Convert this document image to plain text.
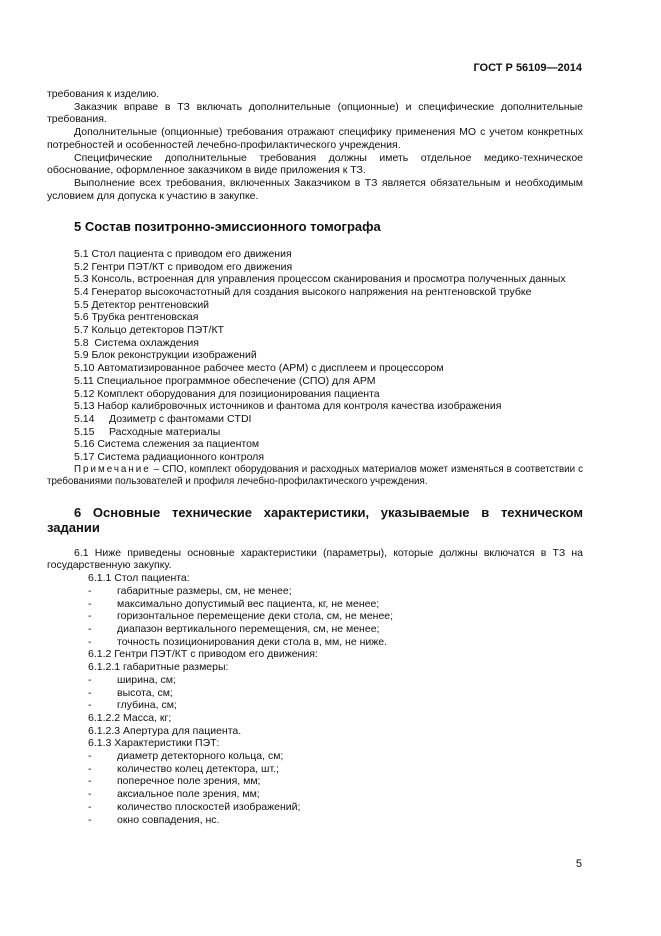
ГОСТ Р 56109—2014

требования к изделию.

Заказчик вправе в ТЗ включать дополнительные (опционные) и специфические дополнительные требования.

Дополнительные (опционные) требования отражают специфику применения МО с учетом конкретных потребностей и особенностей лечебно-профилактического учреждения.

Специфические дополнительные требования должны иметь отдельное медико-техническое обоснование, оформленное заказчиком в виде приложения к ТЗ.

Выполнение всех требования, включенных Заказчиком в ТЗ является обязательным и необходимым условием для допуска к участию в закупке.

5 Состав позитронно-эмиссионного томографа

5.1 Стол пациента с приводом его движения

5.2 Гентри ПЭТ/КТ с приводом его движения

5.3 Консоль, встроенная для управления процессом сканирования и просмотра полученных данных

5.4 Генератор высокочастотный для создания высокого напряжения на рентгеновской трубке

5.5 Детектор рентгеновский

5.6 Трубка рентгеновская

5.7 Кольцо детекторов ПЭТ/КТ

5.8  Система охлаждения

5.9 Блок реконструкции изображений

5.10 Автоматизированное рабочее место (АРМ) с дисплеем и процессором

5.11 Специальное программное обеспечение (СПО) для АРМ

5.12 Комплект оборудования для позиционирования пациента

5.13 Набор калибровочных источников и фантома для контроля качества изображения

5.14     Дозиметр с фантомами CTDI

5.15     Расходные материалы

5.16 Система слежения за пациентом

5.17 Система радиационного контроля

Примечание – СПО, комплект оборудования и расходных материалов может изменяться в соответствии с требованиями пользователей и профиля лечебно-профилактического учреждения.

6 Основные технические характеристики, указываемые в техническом задании

6.1 Ниже приведены основные характеристики (параметры), которые должны включатся в ТЗ на государственную закупку.

6.1.1 Стол пациента:

- габаритные размеры, см, не менее;

- максимально допустимый вес пациента, кг, не менее;

- горизонтальное перемещение деки стола, см, не менее;

- диапазон вертикального перемещения, см, не менее;

- точность позиционирования деки стола в, мм, не ниже.

6.1.2 Гентри ПЭТ/КТ с приводом его движения:

6.1.2.1 габаритные размеры:

- ширина, см;

- высота, см;

- глубина, см;

6.1.2.2 Масса, кг;

6.1.2.3 Апертура для пациента.

6.1.3 Характеристики ПЭТ:

- диаметр детекторного кольца, см;

- количество колец детектора, шт.;

- поперечное поле зрения, мм;

- аксиальное поле зрения, мм;

- количество плоскостей изображений;

- окно совпадения, нс.

5
